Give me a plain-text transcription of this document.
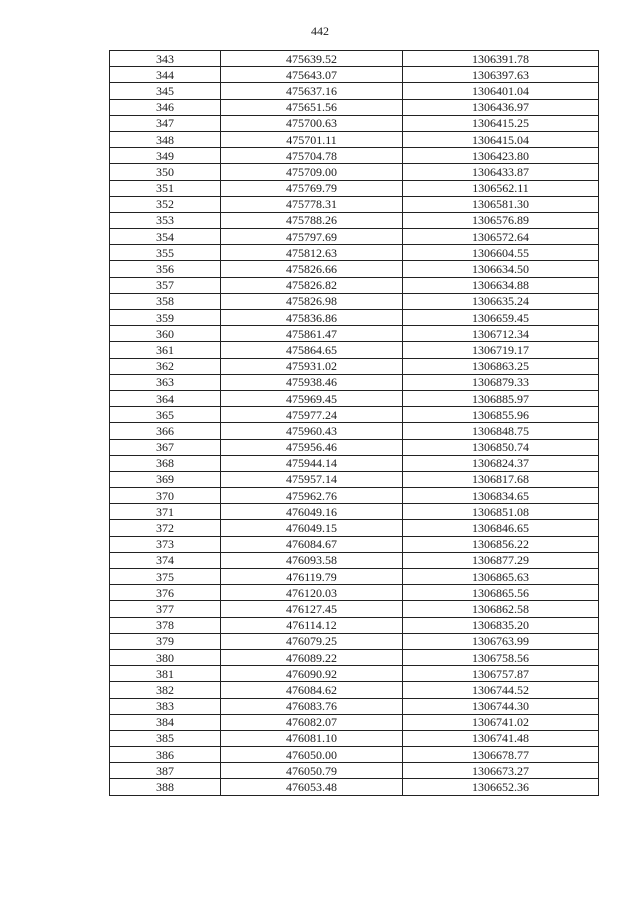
442
343	475639.52	1306391.78
344	475643.07	1306397.63
345	475637.16	1306401.04
346	475651.56	1306436.97
347	475700.63	1306415.25
348	475701.11	1306415.04
349	475704.78	1306423.80
350	475709.00	1306433.87
351	475769.79	1306562.11
352	475778.31	1306581.30
353	475788.26	1306576.89
354	475797.69	1306572.64
355	475812.63	1306604.55
356	475826.66	1306634.50
357	475826.82	1306634.88
358	475826.98	1306635.24
359	475836.86	1306659.45
360	475861.47	1306712.34
361	475864.65	1306719.17
362	475931.02	1306863.25
363	475938.46	1306879.33
364	475969.45	1306885.97
365	475977.24	1306855.96
366	475960.43	1306848.75
367	475956.46	1306850.74
368	475944.14	1306824.37
369	475957.14	1306817.68
370	475962.76	1306834.65
371	476049.16	1306851.08
372	476049.15	1306846.65
373	476084.67	1306856.22
374	476093.58	1306877.29
375	476119.79	1306865.63
376	476120.03	1306865.56
377	476127.45	1306862.58
378	476114.12	1306835.20
379	476079.25	1306763.99
380	476089.22	1306758.56
381	476090.92	1306757.87
382	476084.62	1306744.52
383	476083.76	1306744.30
384	476082.07	1306741.02
385	476081.10	1306741.48
386	476050.00	1306678.77
387	476050.79	1306673.27
388	476053.48	1306652.36
